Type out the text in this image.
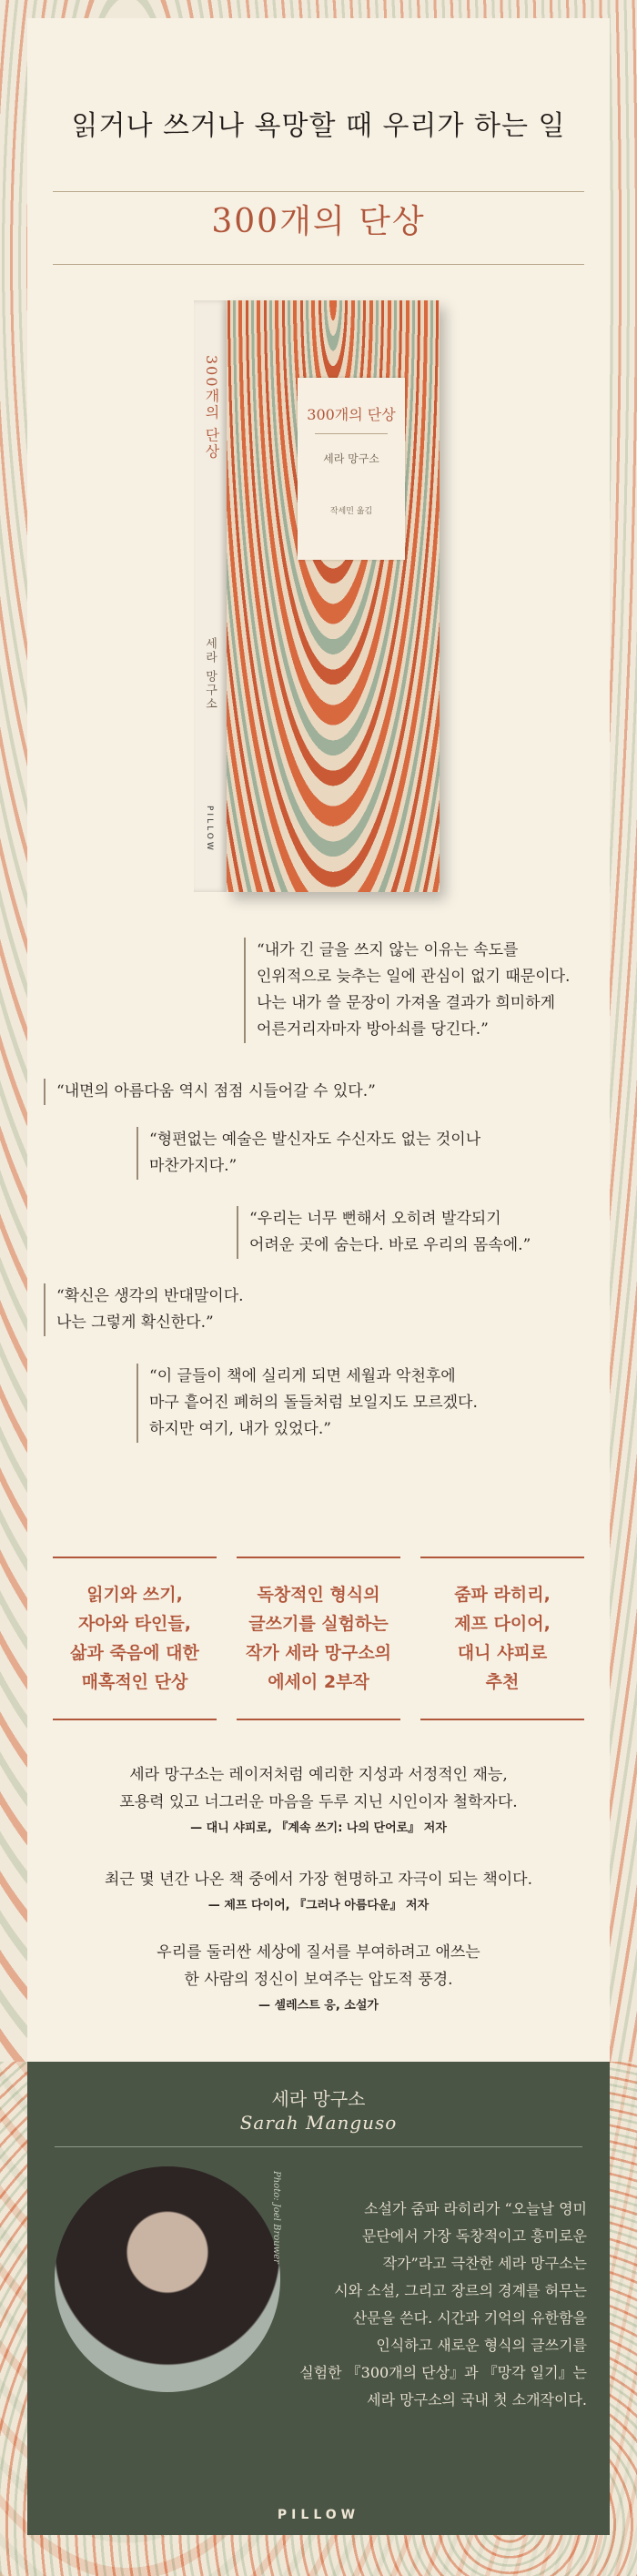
읽거나 쓰거나 욕망할 때 우리가 하는 일
300개의 단상
300개의 단상
세라 망구소
PILLOW
300개의 단상
세라 망구소
작세민 옮김
“내가 긴 글을 쓰지 않는 이유는 속도를
인위적으로 늦추는 일에 관심이 없기 때문이다.
나는 내가 쓸 문장이 가져올 결과가 희미하게
어른거리자마자 방아쇠를 당긴다.”
“내면의 아름다움 역시 점점 시들어갈 수 있다.”
“형편없는 예술은 발신자도 수신자도 없는 것이나
마찬가지다.”
“우리는 너무 뻔해서 오히려 발각되기
어려운 곳에 숨는다. 바로 우리의 몸속에.”
“확신은 생각의 반대말이다.
나는 그렇게 확신한다.”
“이 글들이 책에 실리게 되면 세월과 악천후에
마구 흩어진 폐허의 돌들처럼 보일지도 모르겠다.
하지만 여기, 내가 있었다.”
읽기와 쓰기,
자아와 타인들,
삶과 죽음에 대한
매혹적인 단상
독창적인 형식의
글쓰기를 실험하는
작가 세라 망구소의
에세이 2부작
줌파 라히리,
제프 다이어,
대니 샤피로
추천
세라 망구소는 레이저처럼 예리한 지성과 서정적인 재능,
포용력 있고 너그러운 마음을 두루 지닌 시인이자 철학자다.
— 대니 샤피로, 『계속 쓰기: 나의 단어로』 저자
최근 몇 년간 나온 책 중에서 가장 현명하고 자극이 되는 책이다.
— 제프 다이어, 『그러나 아름다운』 저자
우리를 둘러싼 세상에 질서를 부여하려고 애쓰는
한 사람의 정신이 보여주는 압도적 풍경.
— 셀레스트 응, 소설가
세라 망구소
Sarah Manguso
Photo: Joel Brouwer	소설가 줌파 라히리가 “오늘날 영미
문단에서 가장 독창적이고 흥미로운
작가”라고 극찬한 세라 망구소는
시와 소설, 그리고 장르의 경계를 허무는
산문을 쓴다. 시간과 기억의 유한함을
인식하고 새로운 형식의 글쓰기를
실험한 『300개의 단상』과 『망각 일기』는
세라 망구소의 국내 첫 소개작이다.
PILLOW
